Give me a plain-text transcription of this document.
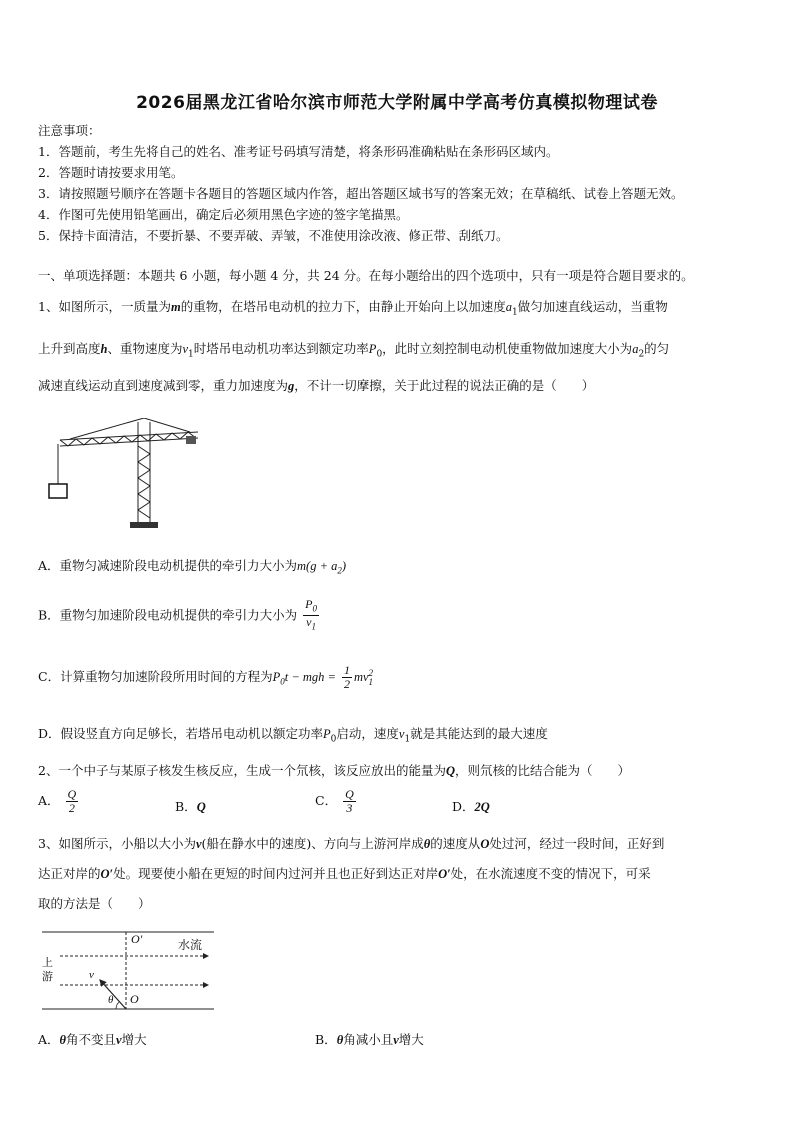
2026届黑龙江省哈尔滨市师范大学附属中学高考仿真模拟物理试卷
注意事项：
1．答题前，考生先将自己的姓名、准考证号码填写清楚，将条形码准确粘贴在条形码区域内。
2．答题时请按要求用笔。
3．请按照题号顺序在答题卡各题目的答题区域内作答，超出答题区域书写的答案无效；在草稿纸、试卷上答题无效。
4．作图可先使用铅笔画出，确定后必须用黑色字迹的签字笔描黑。
5．保持卡面清洁，不要折暴、不要弄破、弄皱，不准使用涂改液、修正带、刮纸刀。
一、单项选择题：本题共 6 小题，每小题 4 分，共 24 分。在每小题给出的四个选项中，只有一项是符合题目要求的。
1、如图所示，一质量为m的重物，在塔吊电动机的拉力下，由静止开始向上以加速度$a_1$做匀加速直线运动，当重物
上升到高度h、重物速度为$v_1$时塔吊电动机功率达到额定功率$P_0$，此时立刻控制电动机使重物做加速度大小为$a_2$的匀
减速直线运动直到速度减到零，重力加速度为g，不计一切摩擦，关于此过程的说法正确的是（　　）
A．重物匀减速阶段电动机提供的牵引力大小为$m(g + a_2)$
B．重物匀加速阶段电动机提供的牵引力大小为 $\frac{P_0}{v_1}$
C．计算重物匀加速阶段所用时间的方程为$P_0t$ − mgh = $\frac{1}{2}$ mv 2
1
D．假设竖直方向足够长，若塔吊电动机以额定功率$P_0$启动，速度$v_1$就是其能达到的最大速度
2、一个中子与某原子核发生核反应，生成一个氘核，该反应放出的能量为Q，则氘核的比结合能为（　　）
A． $\frac{Q}{2}$	B．Q	C． $\frac{Q}{3}$	D．2Q
3、如图所示，小船以大小为v(船在静水中的速度)、方向与上游河岸成θ的速度从O处过河，经过一段时间，正好到
达正对岸的O′处。现要使小船在更短的时间内过河并且也正好到达正对岸O′处，在水流速度不变的情况下，可采
取的方法是（　　）
O′	水流
上
游	v
θ O
A．θ角不变且v增大	B．θ角减小且v增大
